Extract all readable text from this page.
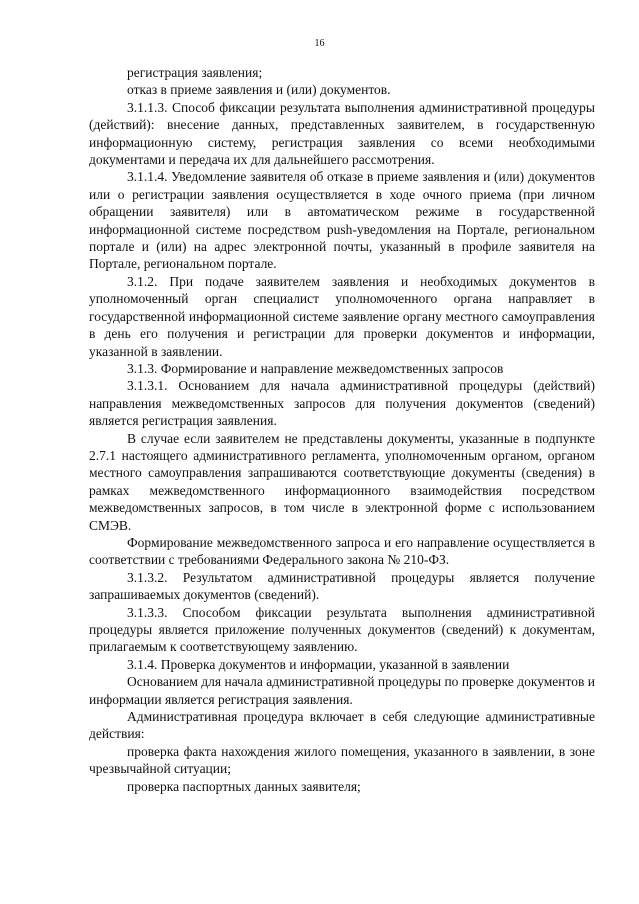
16

регистрация заявления;

отказ в приеме заявления и (или) документов.

3.1.1.3. Способ фиксации результата выполнения административной процедуры (действий): внесение данных, представленных заявителем, в государственную информационную систему, регистрация заявления со всеми необходимыми документами и передача их для дальнейшего рассмотрения.

3.1.1.4. Уведомление заявителя об отказе в приеме заявления и (или) документов или о регистрации заявления осуществляется в ходе очного приема (при личном обращении заявителя) или в автоматическом режиме в государственной информационной системе посредством push-уведомления на Портале, региональном портале и (или) на адрес электронной почты, указанный в профиле заявителя на Портале, региональном портале.

3.1.2. При подаче заявителем заявления и необходимых документов в уполномоченный орган специалист уполномоченного органа направляет в государственной информационной системе заявление органу местного самоуправления в день его получения и регистрации для проверки документов и информации, указанной в заявлении.

3.1.3. Формирование и направление межведомственных запросов

3.1.3.1. Основанием для начала административной процедуры (действий) направления межведомственных запросов для получения документов (сведений) является регистрация заявления.

В случае если заявителем не представлены документы, указанные в подпункте 2.7.1 настоящего административного регламента, уполномоченным органом, органом местного самоуправления запрашиваются соответствующие документы (сведения) в рамках межведомственного информационного взаимодействия посредством межведомственных запросов, в том числе в электронной форме с использованием СМЭВ.

Формирование межведомственного запроса и его направление осуществляется в соответствии с требованиями Федерального закона № 210-ФЗ.

3.1.3.2. Результатом административной процедуры является получение запрашиваемых документов (сведений).

3.1.3.3. Способом фиксации результата выполнения административной процедуры является приложение полученных документов (сведений) к документам, прилагаемым к соответствующему заявлению.

3.1.4. Проверка документов и информации, указанной в заявлении

Основанием для начала административной процедуры по проверке документов и информации является регистрация заявления.

Административная процедура включает в себя следующие административные действия:

проверка факта нахождения жилого помещения, указанного в заявлении, в зоне чрезвычайной ситуации;

проверка паспортных данных заявителя;
